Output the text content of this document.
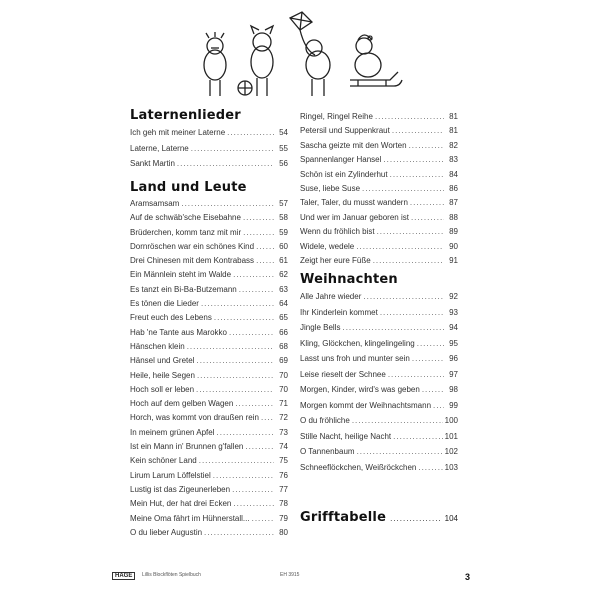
Laternenlieder
Ich geh mit meiner Laterne .....	54
Laterne, Laterne .....	55
Sankt Martin .....	56
Land und Leute
Aramsamsam .....	57
Auf de schwäb'sche Eisebahne .....	58
Brüderchen, komm tanz mit mir .....	59
Dornröschen war ein schönes Kind .....	60
Drei Chinesen mit dem Kontrabass .....	61
Ein Männlein steht im Walde .....	62
Es tanzt ein Bi-Ba-Butzemann .....	63
Es tönen die Lieder .....	64
Freut euch des Lebens .....	65
Hab 'ne Tante aus Marokko .....	66
Hänschen klein .....	68
Hänsel und Gretel .....	69
Heile, heile Segen .....	70
Hoch soll er leben .....	70
Hoch auf dem gelben Wagen .....	71
Horch, was kommt von draußen rein .....	72
In meinem grünen Apfel .....	73
Ist ein Mann in' Brunnen g'fallen .....	74
Kein schöner Land .....	75
Lirum Larum Löffelstiel .....	76
Lustig ist das Zigeunerleben .....	77
Mein Hut, der hat drei Ecken .....	78
Meine Oma fährt im Hühnerstall... .....	79
O du lieber Augustin .....	80
Ringel, Ringel Reihe .....	81
Petersil und Suppenkraut .....	81
Sascha geizte mit den Worten .....	82
Spannenlanger Hansel .....	83
Schön ist ein Zylinderhut .....	84
Suse, liebe Suse .....	86
Taler, Taler, du musst wandern .....	87
Und wer im Januar geboren ist .....	88
Wenn du fröhlich bist .....	89
Widele, wedele .....	90
Zeigt her eure Füße .....	91
Weihnachten
Alle Jahre wieder .....	92
Ihr Kinderlein kommet .....	93
Jingle Bells .....	94
Kling, Glöckchen, klingelingeling .....	95
Lasst uns froh und munter sein .....	96
Leise rieselt der Schnee .....	97
Morgen, Kinder, wird's was geben .....	98
Morgen kommt der Weihnachtsmann .....	99
O du fröhliche .....	100
Stille Nacht, heilige Nacht .....	101
O Tannenbaum .....	102
Schneeflöckchen, Weißröckchen .....	103
Grifftabelle .....	104
HAGE	Lillis Blockflöten Spielbuch	EH 3915	3
